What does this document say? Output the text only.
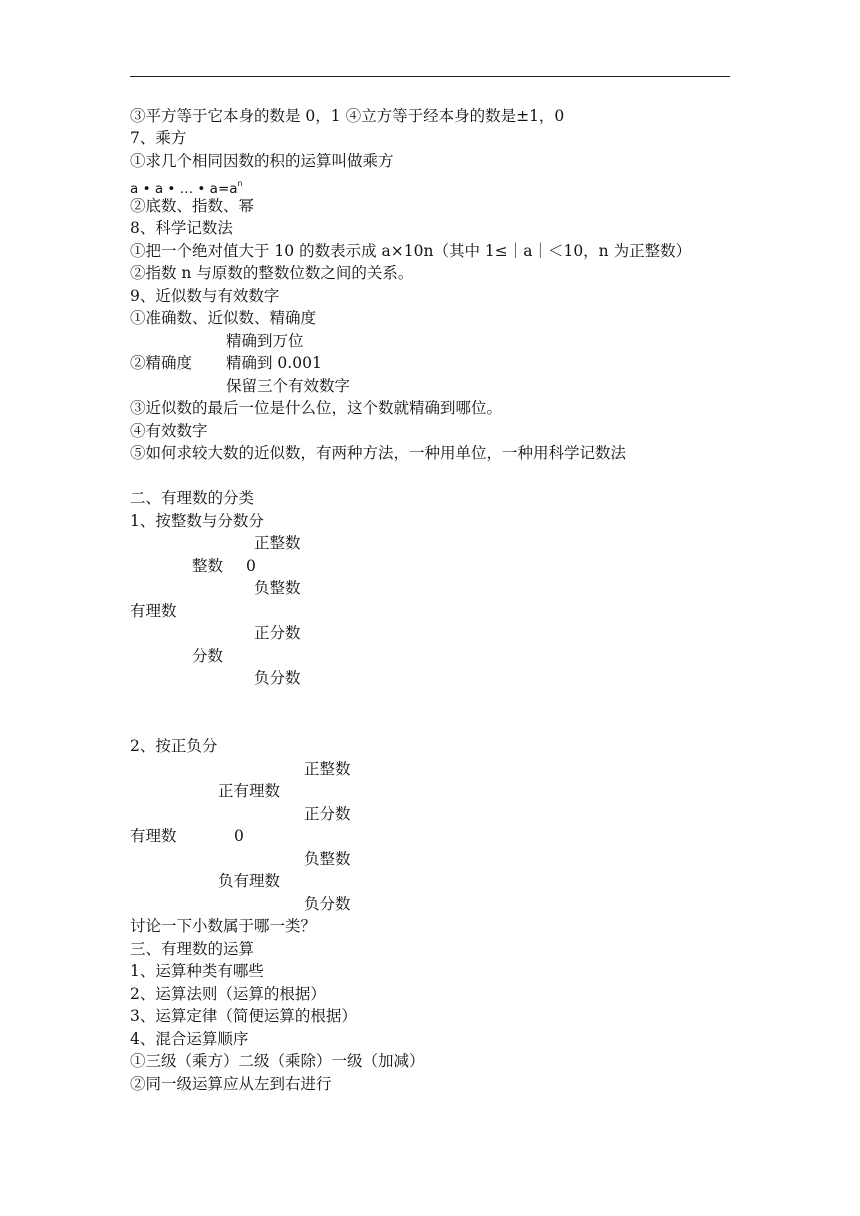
③平方等于它本身的数是 0，1 ④立方等于经本身的数是±1，0
7、乘方
①求几个相同因数的积的运算叫做乘方
a • a • … • $a=a^n$
②底数、指数、幂
8、科学记数法
①把一个绝对值大于 10 的数表示成 a×10n（其中 1≤｜a｜＜10，n 为正整数）
②指数 n 与原数的整数位数之间的关系。
9、近似数与有效数字
①准确数、近似数、精确度
精确到万位
②精确度 精确到 0.001
保留三个有效数字
③近似数的最后一位是什么位，这个数就精确到哪位。
④有效数字
⑤如何求较大数的近似数，有两种方法，一种用单位，一种用科学记数法
二、有理数的分类
1、按整数与分数分
正整数
整数 0
负整数
有理数
正分数
分数
负分数
2、按正负分
正整数
正有理数
正分数
有理数	0
负整数
负有理数
负分数
讨论一下小数属于哪一类？
三、有理数的运算
1、运算种类有哪些
2、运算法则（运算的根据）
3、运算定律（简便运算的根据）
4、混合运算顺序
①三级（乘方）二级（乘除）一级（加减）
②同一级运算应从左到右进行
